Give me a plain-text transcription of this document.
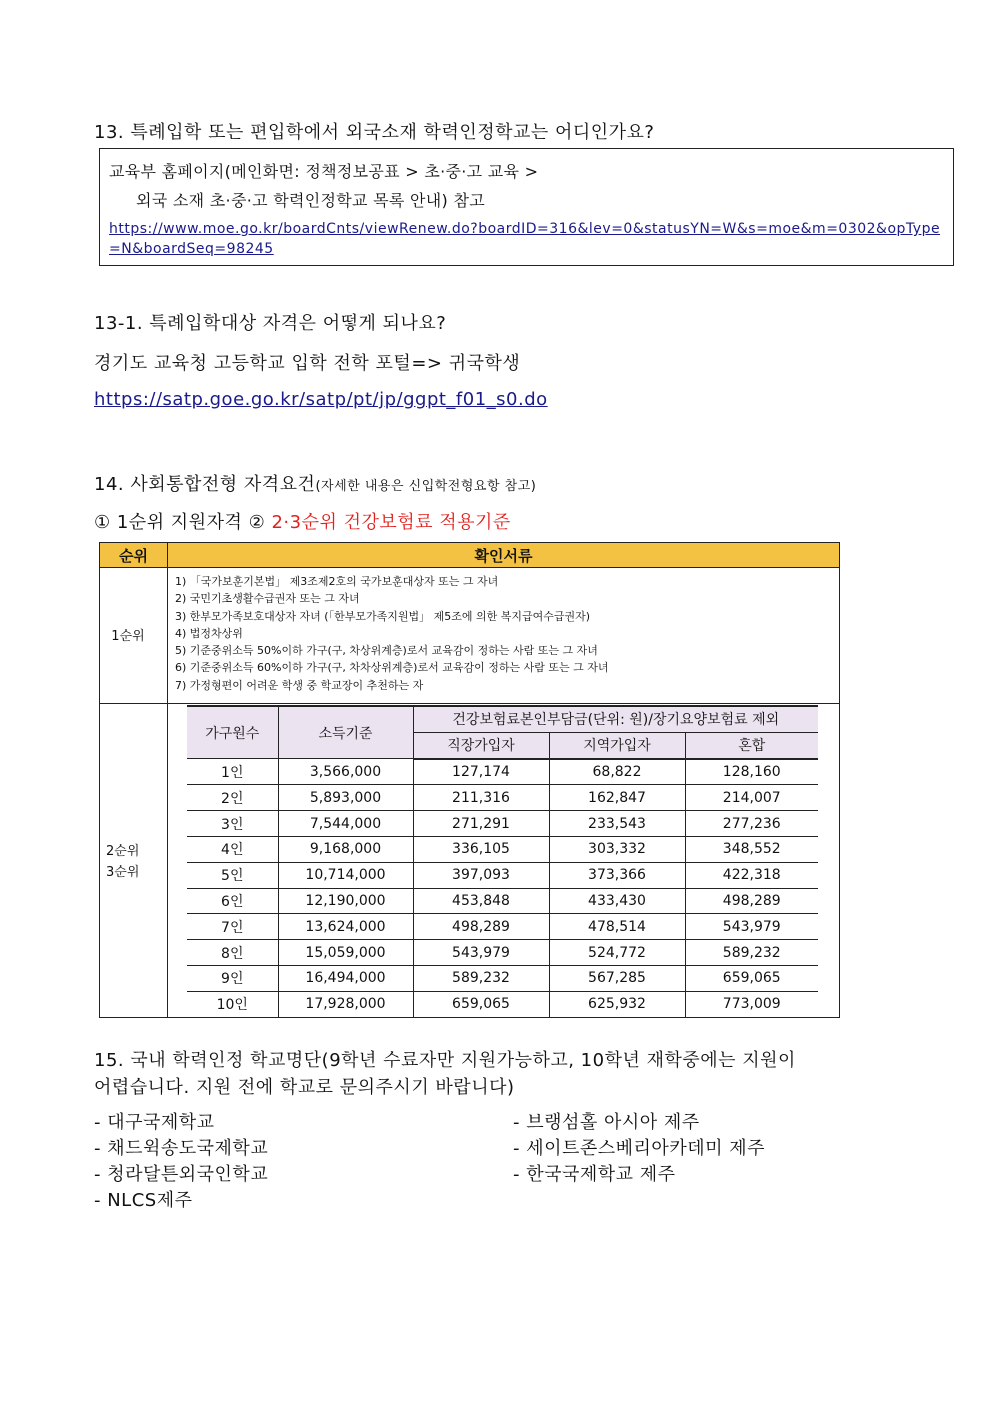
13. 특례입학 또는 편입학에서 외국소재 학력인정학교는 어디인가요?
교육부 홈페이지(메인화면: 정책정보공표 > 초·중·고 교육 >
외국 소재 초·중·고 학력인정학교 목록 안내) 참고
https://www.moe.go.kr/boardCnts/viewRenew.do?boardID=316&lev=0&statusYN=W&s=moe&m=0302&opType=N&boardSeq=98245
13-1. 특례입학대상 자격은 어떻게 되나요?
경기도 교육청 고등학교 입학 전학 포털=> 귀국학생
https://satp.goe.go.kr/satp/pt/jp/ggpt_f01_s0.do
14. 사회통합전형 자격요건(자세한 내용은 신입학전형요항 참고)
① 1순위 지원자격 ② 2·3순위 건강보험료 적용기준
순위	확인서류
1순위
1) 「국가보훈기본법」 제3조제2호의 국가보훈대상자 또는 그 자녀
2) 국민기초생활수급권자 또는 그 자녀
3) 한부모가족보호대상자 자녀 (「한부모가족지원법」 제5조에 의한 복지급여수급권자)
4) 법정차상위
5) 기준중위소득 50%이하 가구(구, 차상위계층)로서 교육감이 정하는 사람 또는 그 자녀
6) 기준중위소득 60%이하 가구(구, 차차상위계층)로서 교육감이 정하는 사람 또는 그 자녀
7) 가정형편이 어려운 학생 중 학교장이 추천하는 자
2순위
3순위
가구원수	소득기준	건강보험료본인부담금(단위: 원)/장기요양보험료 제외		
		직장가입자	지역가입자	혼합
1인	3,566,000	127,174	68,822	128,160
2인	5,893,000	211,316	162,847	214,007
3인	7,544,000	271,291	233,543	277,236
4인	9,168,000	336,105	303,332	348,552
5인	10,714,000	397,093	373,366	422,318
6인	12,190,000	453,848	433,430	498,289
7인	13,624,000	498,289	478,514	543,979
8인	15,059,000	543,979	524,772	589,232
9인	16,494,000	589,232	567,285	659,065
10인	17,928,000	659,065	625,932	773,009
15. 국내 학력인정 학교명단(9학년 수료자만 지원가능하고, 10학년 재학중에는 지원이
어렵습니다. 지원 전에 학교로 문의주시기 바랍니다)
- 대구국제학교
- 채드윅송도국제학교
- 청라달튼외국인학교
- NLCS제주
- 브랭섬홀 아시아 제주
- 세이트존스베리아카데미 제주
- 한국국제학교 제주
